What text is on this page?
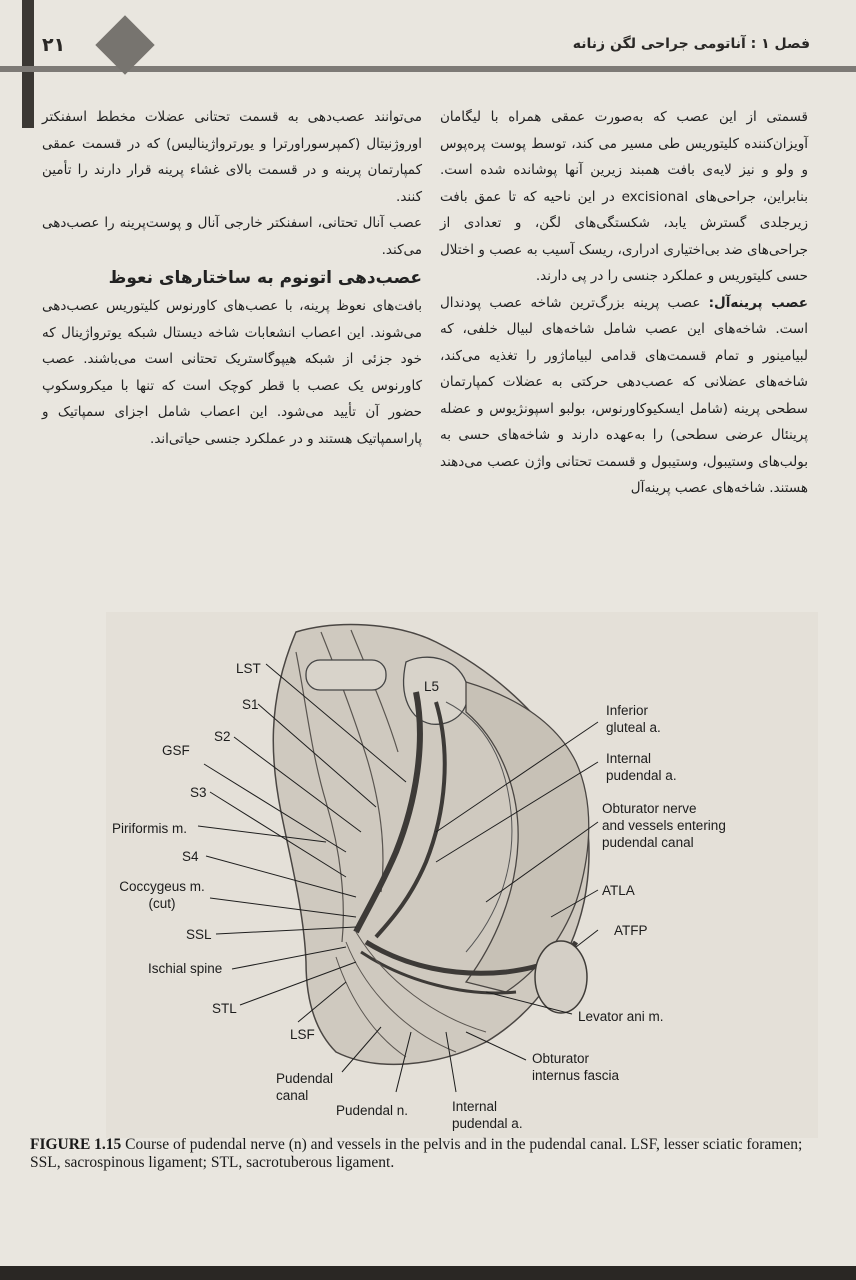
۲۱	فصل ۱ : آناتومی جراحی لگن زنانه

قسمتی از این عصب که به‌صورت عمقی همراه با لیگامان آویزان‌کننده کلیتوریس طی مسیر می کند، توسط پوست پره‌پوس و ولو و نیز لایه‌ی بافت همبند زیرین آنها پوشانده شده است. بنابراین، جراحی‌های excisional در این ناحیه که تا عمق بافت زیرجلدی گسترش یابد، شکستگی‌های لگن، و تعدادی از جراحی‌های ضد بی‌اختیاری ادراری، ریسک آسیب به عصب و اختلال حسی کلیتوریس و عملکرد جنسی را در پی دارند.

عصب پرینه‌آل: عصب پرینه بزرگ‌ترین شاخه عصب پودندال است. شاخه‌های این عصب شامل شاخه‌های لبیال خلفی، که لبیامینور و تمام قسمت‌های قدامی لبیاماژور را تغذیه می‌کند، شاخه‌های عضلانی که عصب‌دهی حرکتی به عضلات کمپارتمان سطحی پرینه (شامل ایسکیوکاورنوس، بولبو اسپونژیوس و عضله پرینئال عرضی سطحی) را به‌عهده دارند و شاخه‌های حسی به بولب‌های وستیبول، وستیبول و قسمت تحتانی واژن عصب می‌دهند هستند. شاخه‌های عصب پرینه‌آل

می‌توانند عصب‌دهی به قسمت تحتانی عضلات مخطط اسفنکتر اوروژنیتال (کمپرسوراورترا و یورترواژینالیس) که در قسمت عمقی کمپارتمان پرینه و در قسمت بالای غشاء پرینه قرار دارند را تأمین کنند.

عصب آنال تحتانی، اسفنکتر خارجی آنال و پوست‌پرینه را عصب‌دهی می‌کند.

عصب‌دهی اتونوم به ساختارهای نعوظ

بافت‌های نعوظ پرینه، با عصب‌های کاورنوس کلیتوریس عصب‌دهی می‌شوند. این اعصاب انشعابات شاخه دیستال شبکه یوترواژینال که خود جزئی از شبکه هیپوگاستریک تحتانی است می‌باشند. عصب کاورنوس یک عصب با قطر کوچک است که تنها با میکروسکوپ حضور آن تأیید می‌شود. این اعصاب شامل اجزای سمپاتیک و پاراسمپاتیک هستند و در عملکرد جنسی حیاتی‌اند.

LST
S1
S2
GSF
S3
Piriformis m.
S4
Coccygeus m.
(cut)
SSL
Ischial spine
STL
LSF
Pudendal
canal
Pudendal n.	Internal
pudendal a.
L5
Inferior
gluteal a.
Internal
pudendal a.
Obturator nerve
and vessels entering
pudendal canal
ATLA
ATFP
Levator ani m.
Obturator
internus fascia
FIGURE 1.15 Course of pudendal nerve (n) and vessels in the pelvis and in the pudendal canal. LSF, lesser sciatic foramen; SSL, sacrospinous ligament; STL, sacrotuberous ligament.
